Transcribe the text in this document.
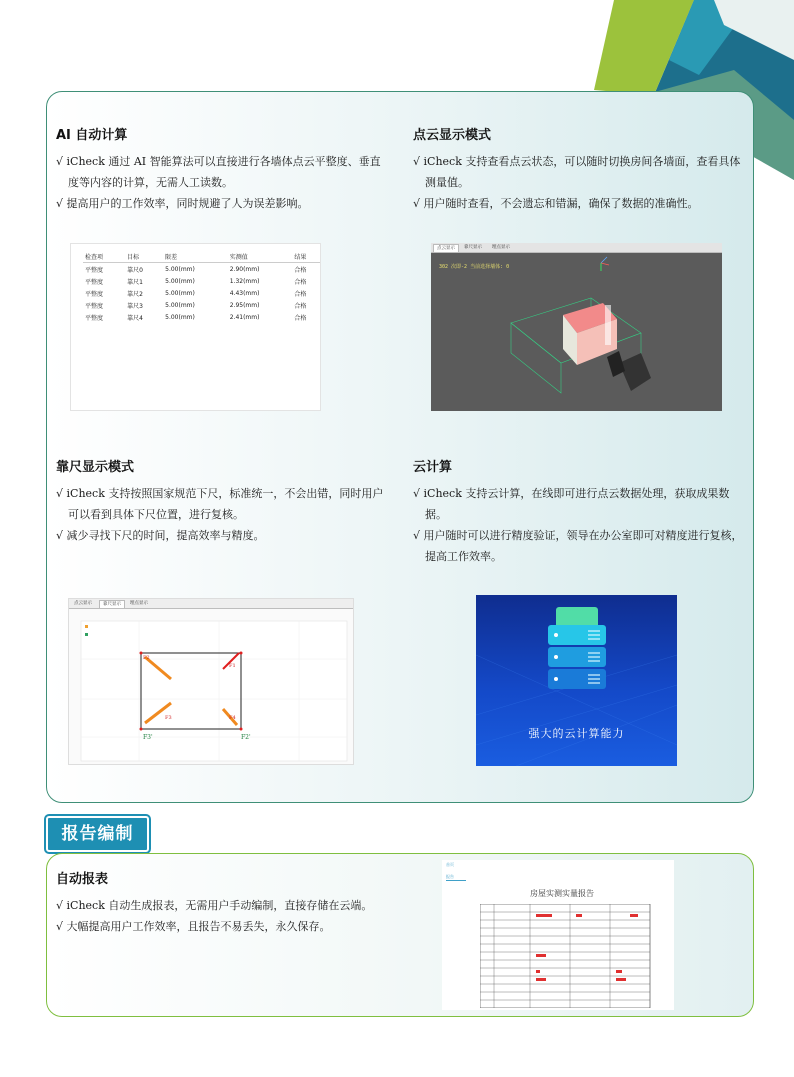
AI 自动计算
√ iCheck 通过 AI 智能算法可以直接进行各墙体点云平整度、垂直度等内容的计算，无需人工读数。
√ 提高用户的工作效率，同时规避了人为误差影响。
点云显示模式
√ iCheck 支持查看点云状态，可以随时切换房间各墙面，查看具体测量值。
√ 用户随时查看，不会遗忘和错漏，确保了数据的准确性。
检查项	目标	限差	实测值	结果
平整度	靠尺0	5.00(mm)	2.90(mm)	合格
平整度	靠尺1	5.00(mm)	1.32(mm)	合格
平整度	靠尺2	5.00(mm)	4.43(mm)	合格
平整度	靠尺3	5.00(mm)	2.95(mm)	合格
平整度	靠尺4	5.00(mm)	2.41(mm)	合格
点云显示	靠尺显示	埋点显示
302 次即-2 当前选择墙体: 0
靠尺显示模式
√ iCheck 支持按照国家规范下尺，标准统一，不会出错，同时用户可以看到具体下尺位置，进行复核。
√ 减少寻找下尺的时间，提高效率与精度。
云计算
√ iCheck 支持云计算，在线即可进行点云数据处理，获取成果数据。
√ 用户随时可以进行精度验证，领导在办公室即可对精度进行复核，提高工作效率。
点云显示	靠尺显示	埋点显示
F2
F1
F3	F4
F3'	F2'	强大的云计算能力
报告编制
自动报表
√ iCheck 自动生成报表，无需用户手动编制，直接存储在云端。
√ 大幅提高用户工作效率，且报告不易丢失，永久保存。
首页
报告
房屋实测实量报告
